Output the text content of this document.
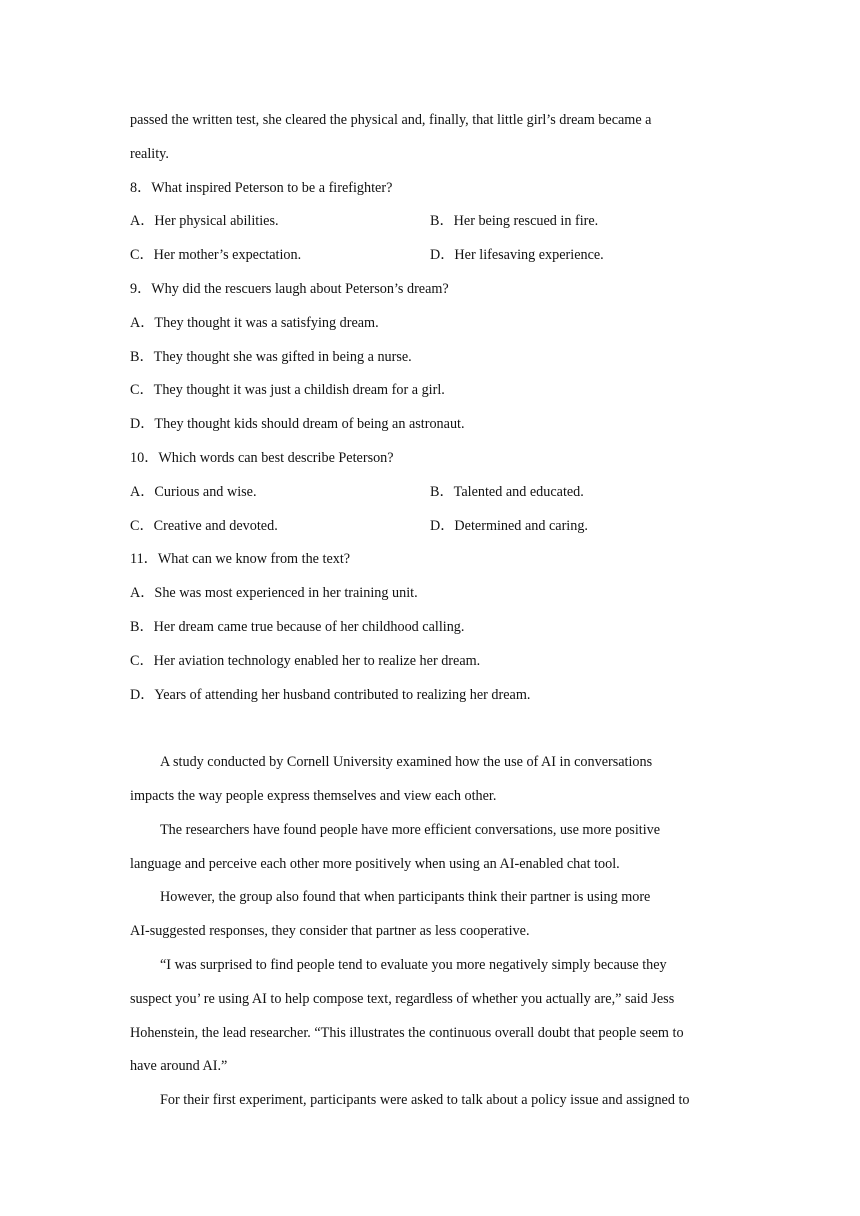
passed the written test, she cleared the physical and, finally, that little girl’s dream became a
reality.
8．What inspired Peterson to be a firefighter?
A．Her physical abilities.	B．Her being rescued in fire.
C．Her mother’s expectation.	D．Her lifesaving experience.
9．Why did the rescuers laugh about Peterson’s dream?
A．They thought it was a satisfying dream.
B．They thought she was gifted in being a nurse.
C．They thought it was just a childish dream for a girl.
D．They thought kids should dream of being an astronaut.
10．Which words can best describe Peterson?
A．Curious and wise.	B．Talented and educated.
C．Creative and devoted.	D．Determined and caring.
11．What can we know from the text?
A．She was most experienced in her training unit.
B．Her dream came true because of her childhood calling.
C．Her aviation technology enabled her to realize her dream.
D．Years of attending her husband contributed to realizing her dream.
A study conducted by Cornell University examined how the use of AI in conversations
impacts the way people express themselves and view each other.
The researchers have found people have more efficient conversations, use more positive
language and perceive each other more positively when using an AI-enabled chat tool.
However, the group also found that when participants think their partner is using more
AI-suggested responses, they consider that partner as less cooperative.
“I was surprised to find people tend to evaluate you more negatively simply because they
suspect you’ re using AI to help compose text, regardless of whether you actually are,” said Jess
Hohenstein, the lead researcher. “This illustrates the continuous overall doubt that people seem to
have around AI.”
For their first experiment, participants were asked to talk about a policy issue and assigned to
